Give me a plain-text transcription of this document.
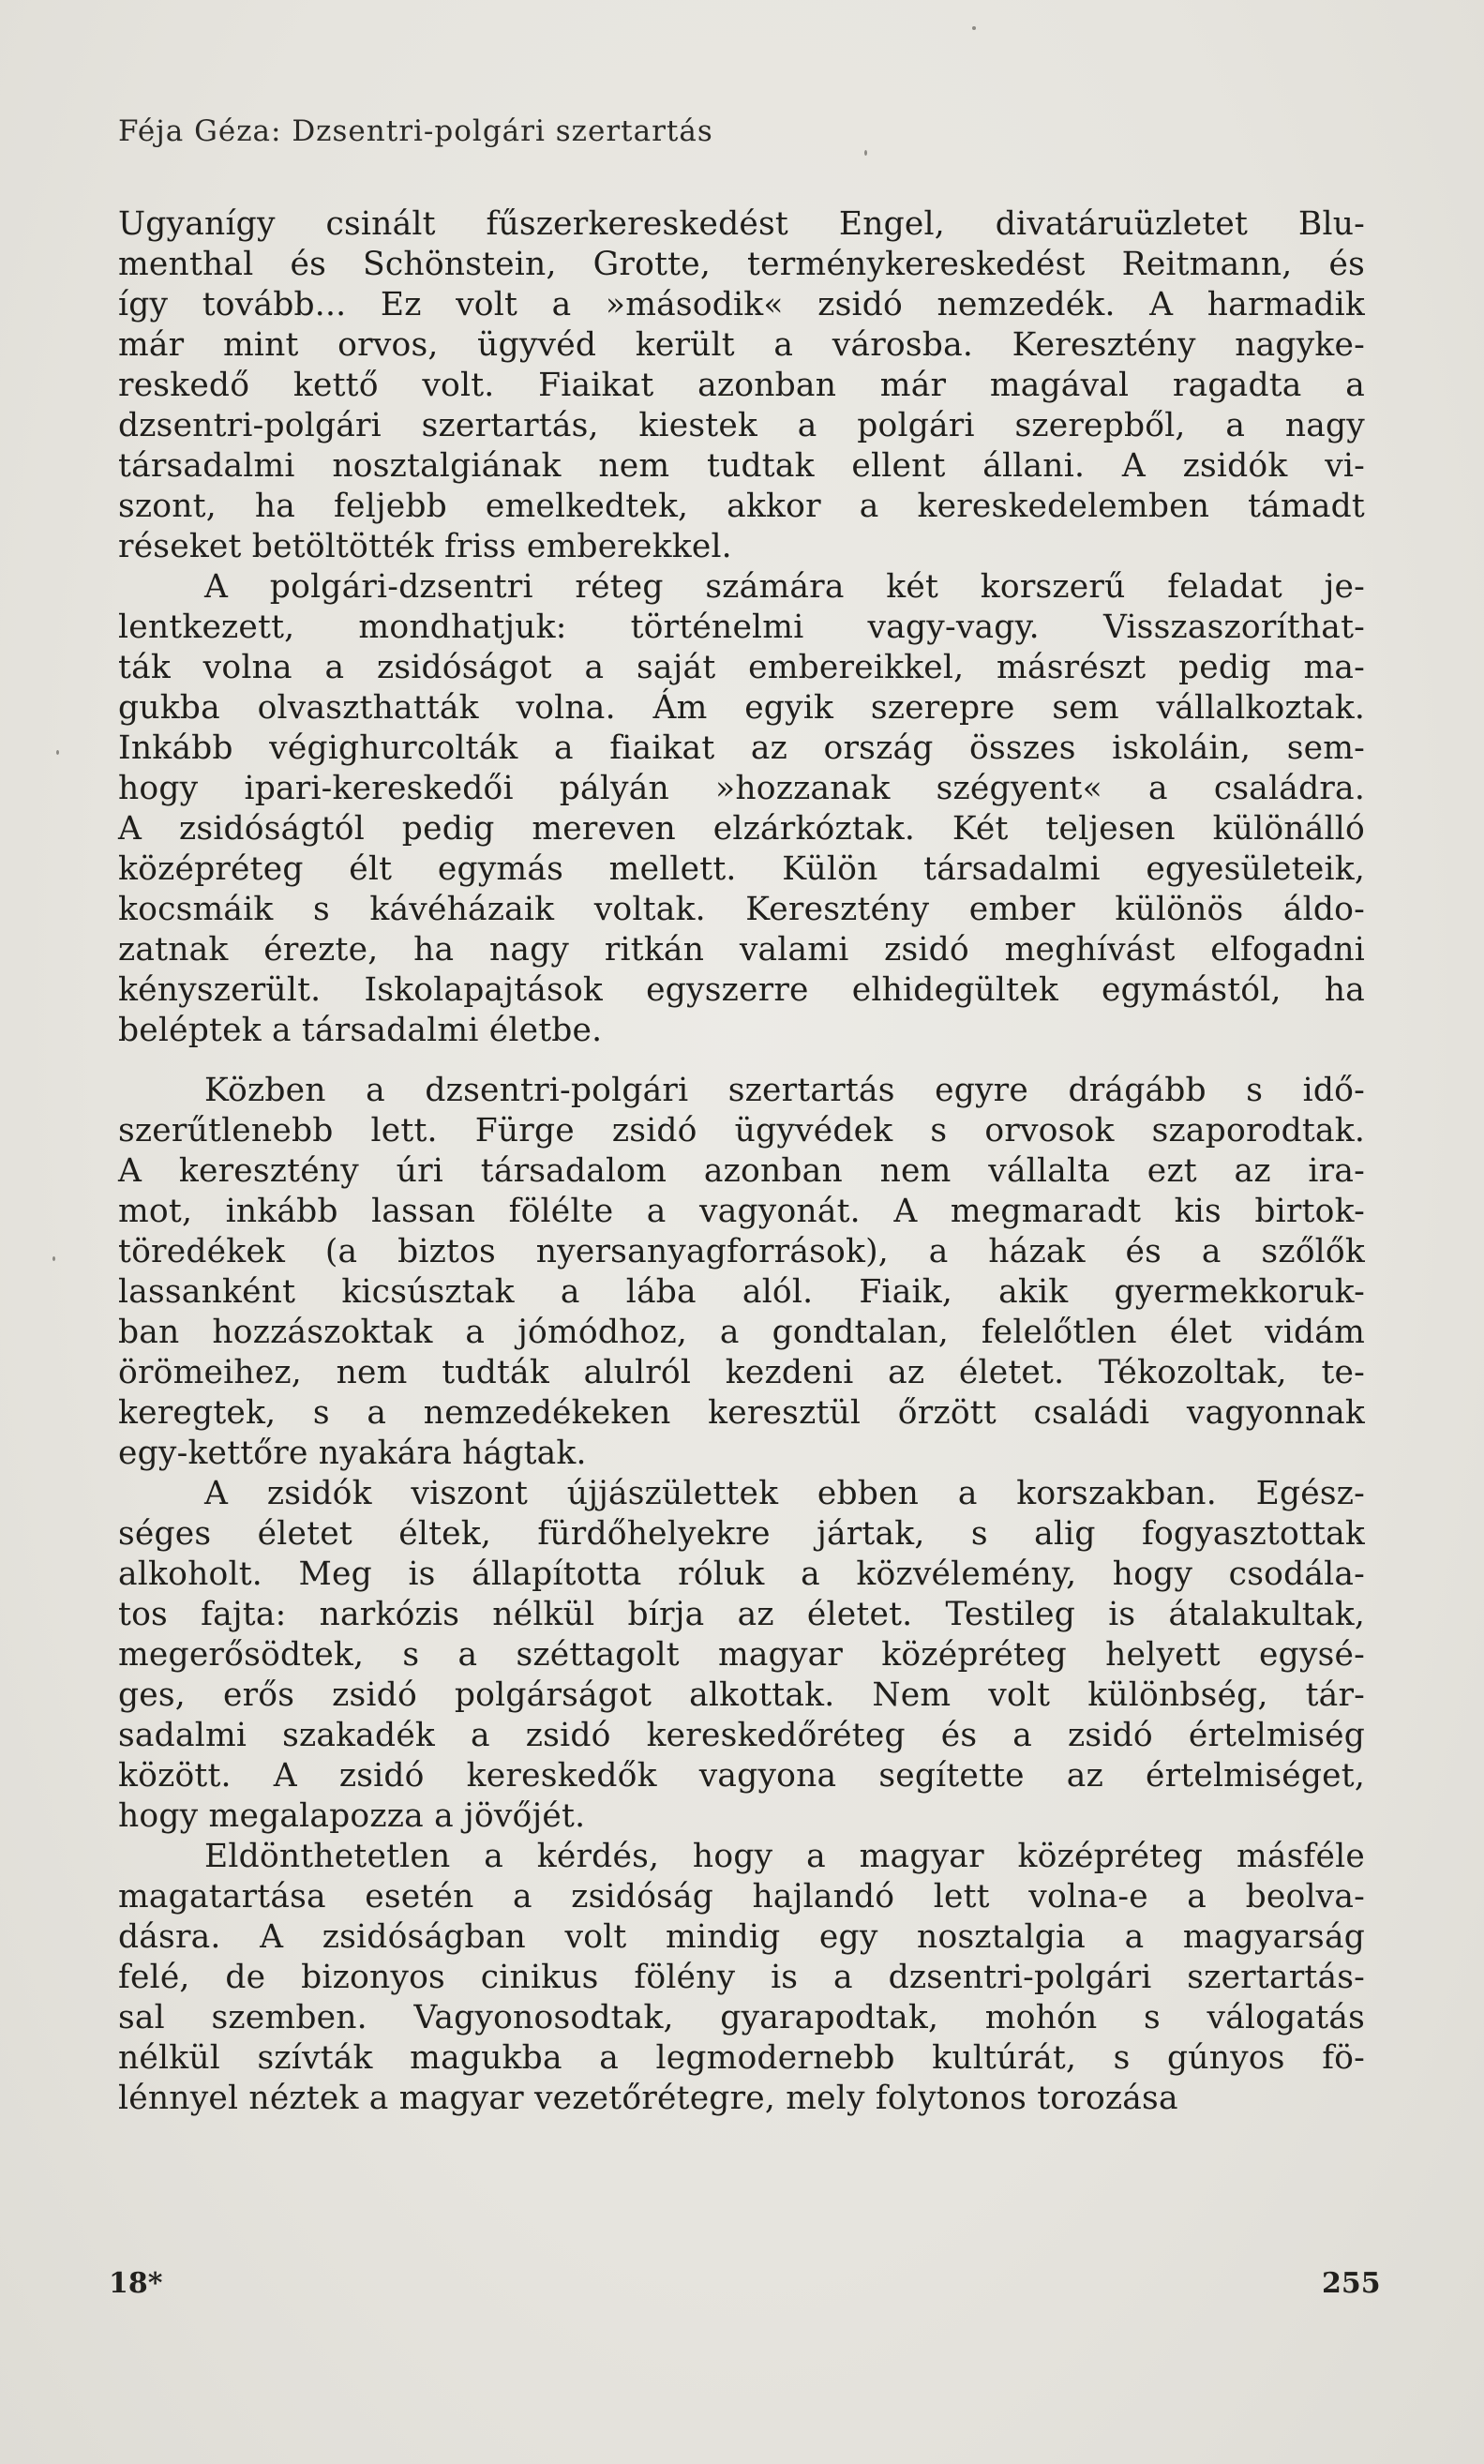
Féja Géza: Dzsentri-polgári szertartás

Ugyanígy csinált fűszerkereskedést Engel, divatáruüzletet Blu-
menthal és Schönstein, Grotte, terménykereskedést Reitmann, és
így tovább... Ez volt a »második« zsidó nemzedék. A harmadik
már mint orvos, ügyvéd került a városba. Keresztény nagyke-
reskedő kettő volt. Fiaikat azonban már magával ragadta a
dzsentri-polgári szertartás, kiestek a polgári szerepből, a nagy
társadalmi nosztalgiának nem tudtak ellent állani. A zsidók vi-
szont, ha feljebb emelkedtek, akkor a kereskedelemben támadt
réseket betöltötték friss emberekkel.

A polgári-dzsentri réteg számára két korszerű feladat je-
lentkezett, mondhatjuk: történelmi vagy-vagy. Visszaszoríthat-
ták volna a zsidóságot a saját embereikkel, másrészt pedig ma-
gukba olvaszthatták volna. Ám egyik szerepre sem vállalkoztak.
Inkább végighurcolták a fiaikat az ország összes iskoláin, sem-
hogy ipari-kereskedői pályán »hozzanak szégyent« a családra.
A zsidóságtól pedig mereven elzárkóztak. Két teljesen különálló
középréteg élt egymás mellett. Külön társadalmi egyesületeik,
kocsmáik s kávéházaik voltak. Keresztény ember különös áldo-
zatnak érezte, ha nagy ritkán valami zsidó meghívást elfogadni
kényszerült. Iskolapajtások egyszerre elhidegültek egymástól, ha
beléptek a társadalmi életbe.

Közben a dzsentri-polgári szertartás egyre drágább s idő-
szerűtlenebb lett. Fürge zsidó ügyvédek s orvosok szaporodtak.
A keresztény úri társadalom azonban nem vállalta ezt az ira-
mot, inkább lassan fölélte a vagyonát. A megmaradt kis birtok-
töredékek (a biztos nyersanyagforrások), a házak és a szőlők
lassanként kicsúsztak a lába alól. Fiaik, akik gyermekkoruk-
ban hozzászoktak a jómódhoz, a gondtalan, felelőtlen élet vidám
örömeihez, nem tudták alulról kezdeni az életet. Tékozoltak, te-
keregtek, s a nemzedékeken keresztül őrzött családi vagyonnak
egy-kettőre nyakára hágtak.

A zsidók viszont újjászülettek ebben a korszakban. Egész-
séges életet éltek, fürdőhelyekre jártak, s alig fogyasztottak
alkoholt. Meg is állapította róluk a közvélemény, hogy csodála-
tos fajta: narkózis nélkül bírja az életet. Testileg is átalakultak,
megerősödtek, s a széttagolt magyar középréteg helyett egysé-
ges, erős zsidó polgárságot alkottak. Nem volt különbség, tár-
sadalmi szakadék a zsidó kereskedőréteg és a zsidó értelmiség
között. A zsidó kereskedők vagyona segítette az értelmiséget,
hogy megalapozza a jövőjét.

Eldönthetetlen a kérdés, hogy a magyar középréteg másféle
magatartása esetén a zsidóság hajlandó lett volna-e a beolva-
dásra. A zsidóságban volt mindig egy nosztalgia a magyarság
felé, de bizonyos cinikus fölény is a dzsentri-polgári szertartás-
sal szemben. Vagyonosodtak, gyarapodtak, mohón s válogatás
nélkül szívták magukba a legmodernebb kultúrát, s gúnyos fö-
lénnyel néztek a magyar vezetőrétegre, mely folytonos torozása

18*	255
